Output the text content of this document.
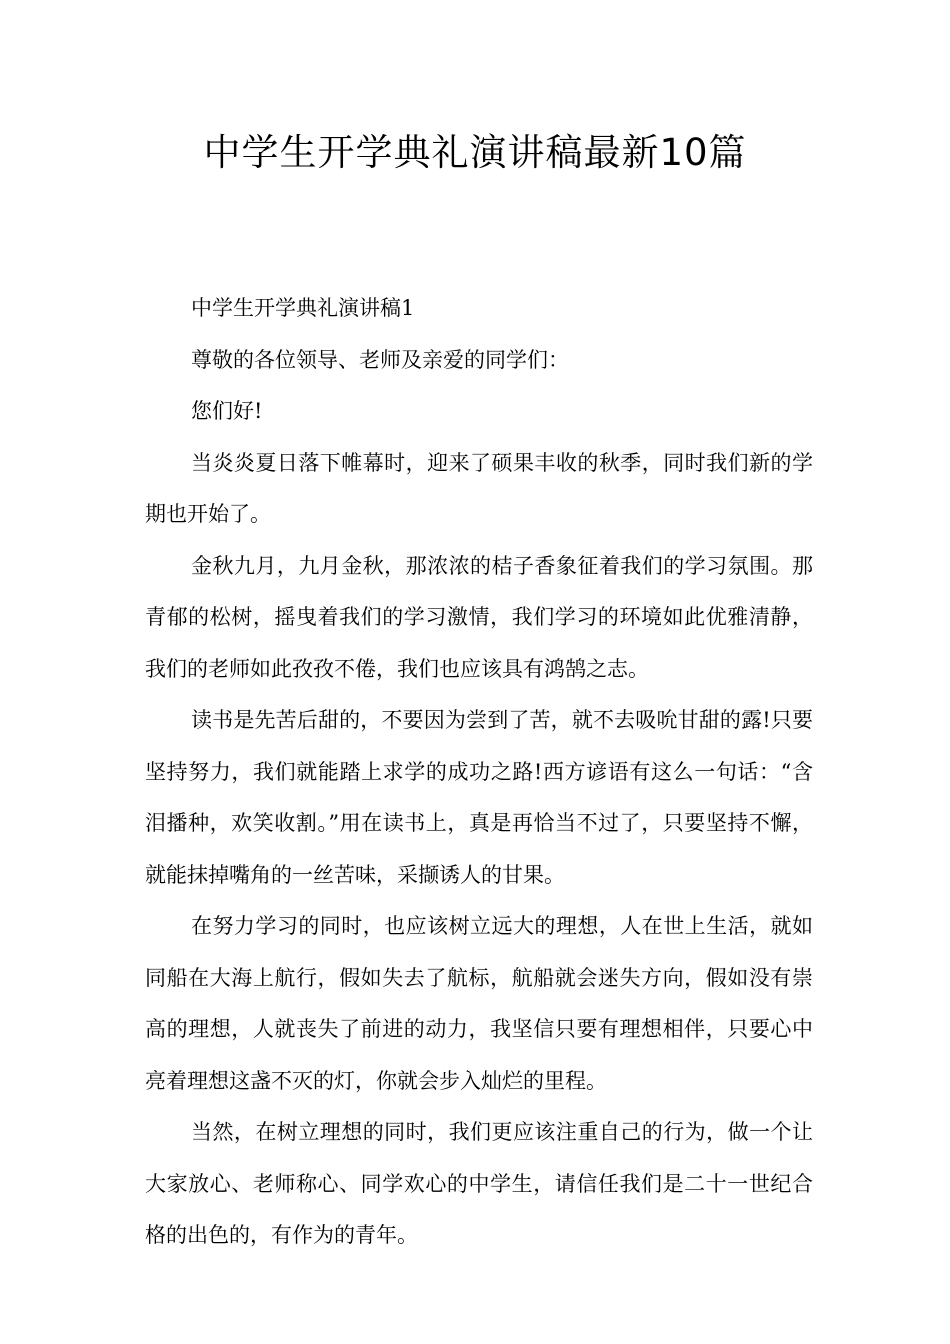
中学生开学典礼演讲稿最新10篇

中学生开学典礼演讲稿1

尊敬的各位领导、老师及亲爱的同学们：

您们好!

当炎炎夏日落下帷幕时，迎来了硕果丰收的秋季，同时我们新的学期也开始了。

金秋九月，九月金秋，那浓浓的桔子香象征着我们的学习氛围。那青郁的松树，摇曳着我们的学习激情，我们学习的环境如此优雅清静，我们的老师如此孜孜不倦，我们也应该具有鸿鹄之志。

读书是先苦后甜的，不要因为尝到了苦，就不去吸吮甘甜的露!只要坚持努力，我们就能踏上求学的成功之路!西方谚语有这么一句话：“含泪播种，欢笑收割。”用在读书上，真是再恰当不过了，只要坚持不懈，就能抹掉嘴角的一丝苦味，采撷诱人的甘果。

在努力学习的同时，也应该树立远大的理想，人在世上生活，就如同船在大海上航行，假如失去了航标，航船就会迷失方向，假如没有崇高的理想，人就丧失了前进的动力，我坚信只要有理想相伴，只要心中亮着理想这盏不灭的灯，你就会步入灿烂的里程。

当然，在树立理想的同时，我们更应该注重自己的行为，做一个让大家放心、老师称心、同学欢心的中学生，请信任我们是二十一世纪合格的出色的，有作为的青年。
